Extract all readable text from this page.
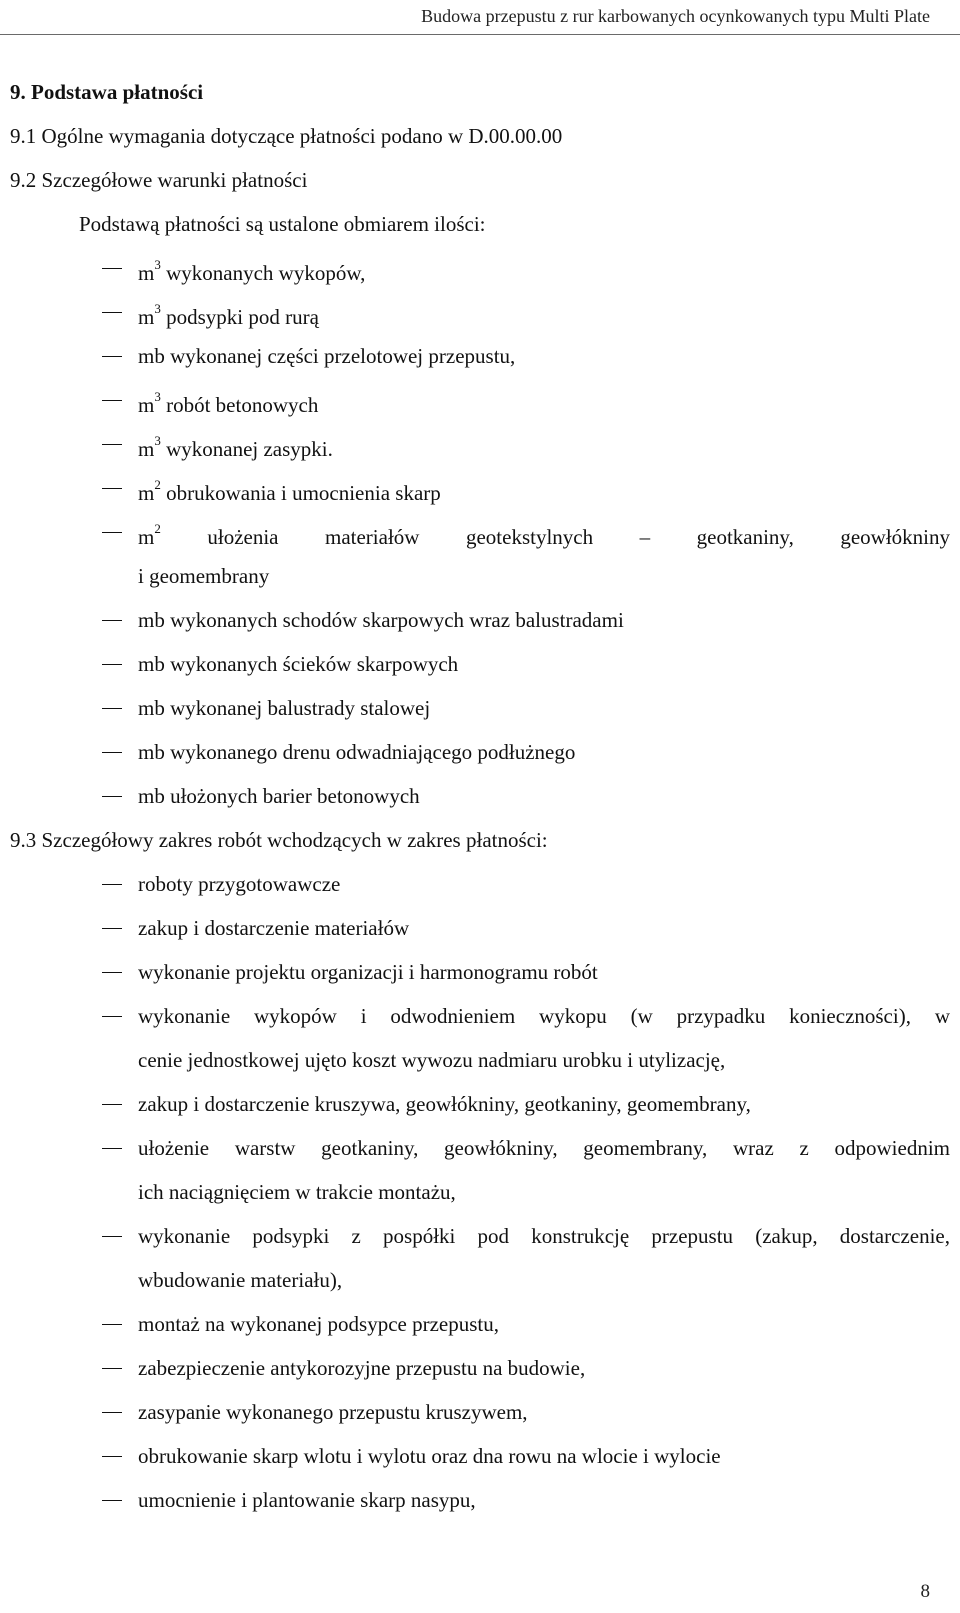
Budowa przepustu z rur karbowanych ocynkowanych typu Multi Plate
9. Podstawa płatności
9.1 Ogólne wymagania dotyczące płatności podano w D.00.00.00
9.2 Szczegółowe warunki płatności
Podstawą płatności są ustalone obmiarem ilości:
$m^3$ wykonanych wykopów,
$m^3$ podsypki pod rurą
mb wykonanej części przelotowej przepustu,
$m^3$ robót betonowych
$m^3$ wykonanej zasypki.
$m^2$ obrukowania i umocnienia skarp
$m^2$ ułożenia materiałów geotekstylnych – geotkaniny, geowłókniny
i geomembrany
mb wykonanych schodów skarpowych wraz balustradami
mb wykonanych ścieków skarpowych
mb wykonanej balustrady stalowej
mb wykonanego drenu odwadniającego podłużnego
mb ułożonych barier betonowych
9.3 Szczegółowy zakres robót wchodzących w zakres płatności:
roboty przygotowawcze
zakup i dostarczenie materiałów
wykonanie projektu organizacji i harmonogramu robót
wykonanie wykopów i odwodnieniem wykopu (w przypadku konieczności), w
cenie jednostkowej ujęto koszt wywozu nadmiaru urobku i utylizację,
zakup i dostarczenie kruszywa, geowłókniny, geotkaniny, geomembrany,
ułożenie warstw geotkaniny, geowłókniny, geomembrany, wraz z odpowiednim
ich naciągnięciem w trakcie montażu,
wykonanie podsypki z pospółki pod konstrukcję przepustu (zakup, dostarczenie,
wbudowanie materiału),
montaż na wykonanej podsypce przepustu,
zabezpieczenie antykorozyjne przepustu na budowie,
zasypanie wykonanego przepustu kruszywem,
obrukowanie skarp wlotu i wylotu oraz dna rowu na wlocie i wylocie
umocnienie i plantowanie skarp nasypu,
8
